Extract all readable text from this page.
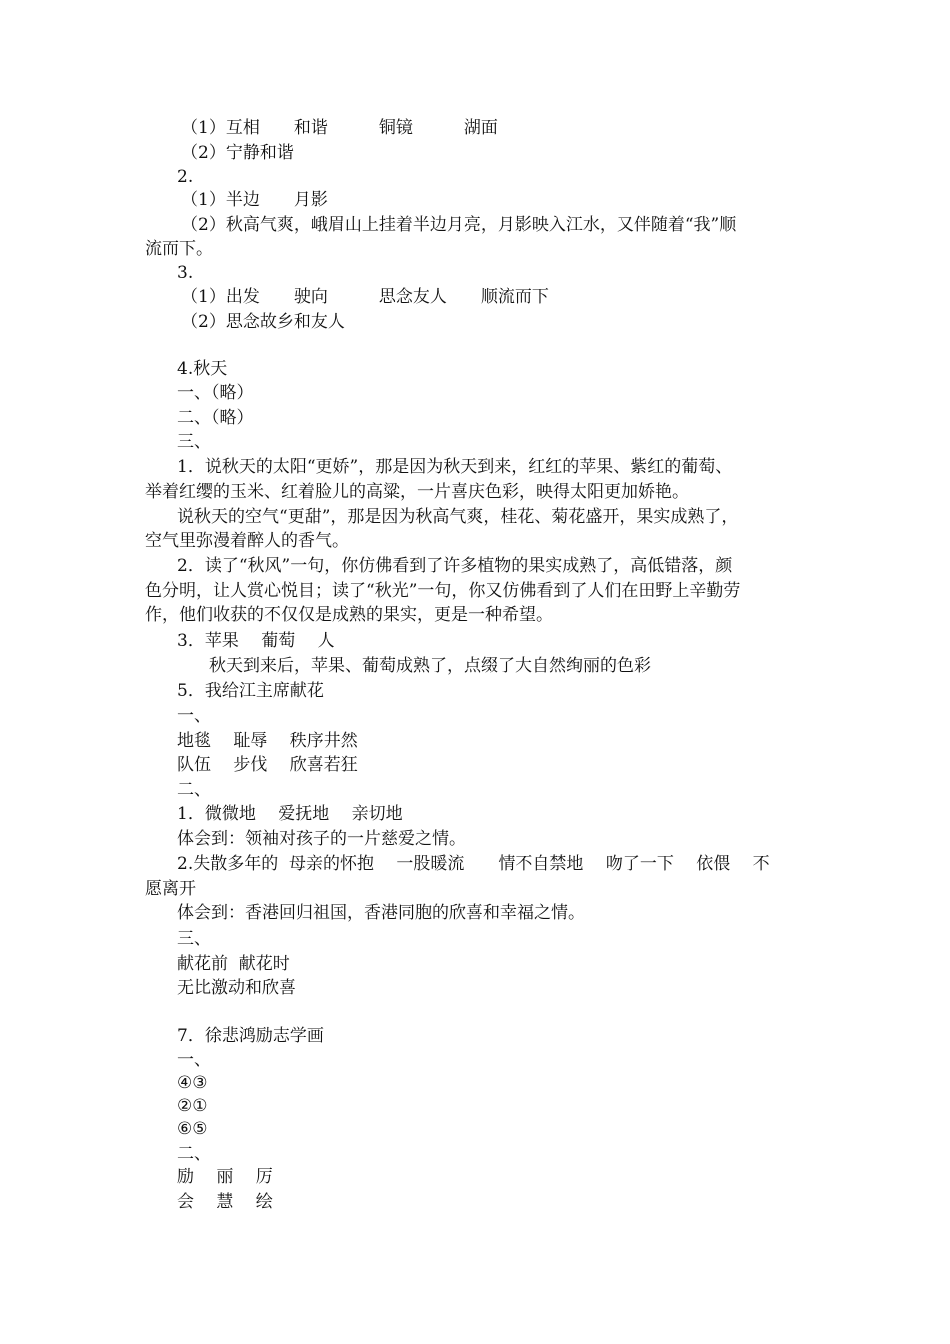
（1）互相　　和谐　　　铜镜　　　湖面

（2）宁静和谐

2.

（1）半边　　月影

（2）秋高气爽，峨眉山上挂着半边月亮，月影映入江水，又伴随着“我”顺

流而下。

3.

（1）出发　　驶向　　　思念友人　　顺流而下

（2）思念故乡和友人

4.秋天

一、（略）

二、（略）

三、

1．说秋天的太阳“更娇”，那是因为秋天到来，红红的苹果、紫红的葡萄、

举着红缨的玉米、红着脸儿的高粱，一片喜庆色彩，映得太阳更加娇艳。

说秋天的空气“更甜”，那是因为秋高气爽，桂花、菊花盛开，果实成熟了，

空气里弥漫着醉人的香气。

2．读了“秋风”一句，你仿佛看到了许多植物的果实成熟了，高低错落，颜

色分明，让人赏心悦目；读了“秋光”一句，你又仿佛看到了人们在田野上辛勤劳

作，他们收获的不仅仅是成熟的果实，更是一种希望。

3．苹果　 葡萄　 人

秋天到来后，苹果、葡萄成熟了，点缀了大自然绚丽的色彩

5．我给江主席献花

一、

地毯　 耻辱　 秩序井然

队伍　 步伐　 欣喜若狂

二、

1．微微地　 爱抚地　 亲切地

体会到：领袖对孩子的一片慈爱之情。

2.失散多年的  母亲的怀抱　 一股暖流　　情不自禁地　 吻了一下　 依偎　 不

愿离开

体会到：香港回归祖国，香港同胞的欣喜和幸福之情。

三、

献花前  献花时

无比激动和欣喜

7．徐悲鸿励志学画

一、

④③

②①

⑥⑤

二、

励　 丽　 厉

会　 慧　 绘
